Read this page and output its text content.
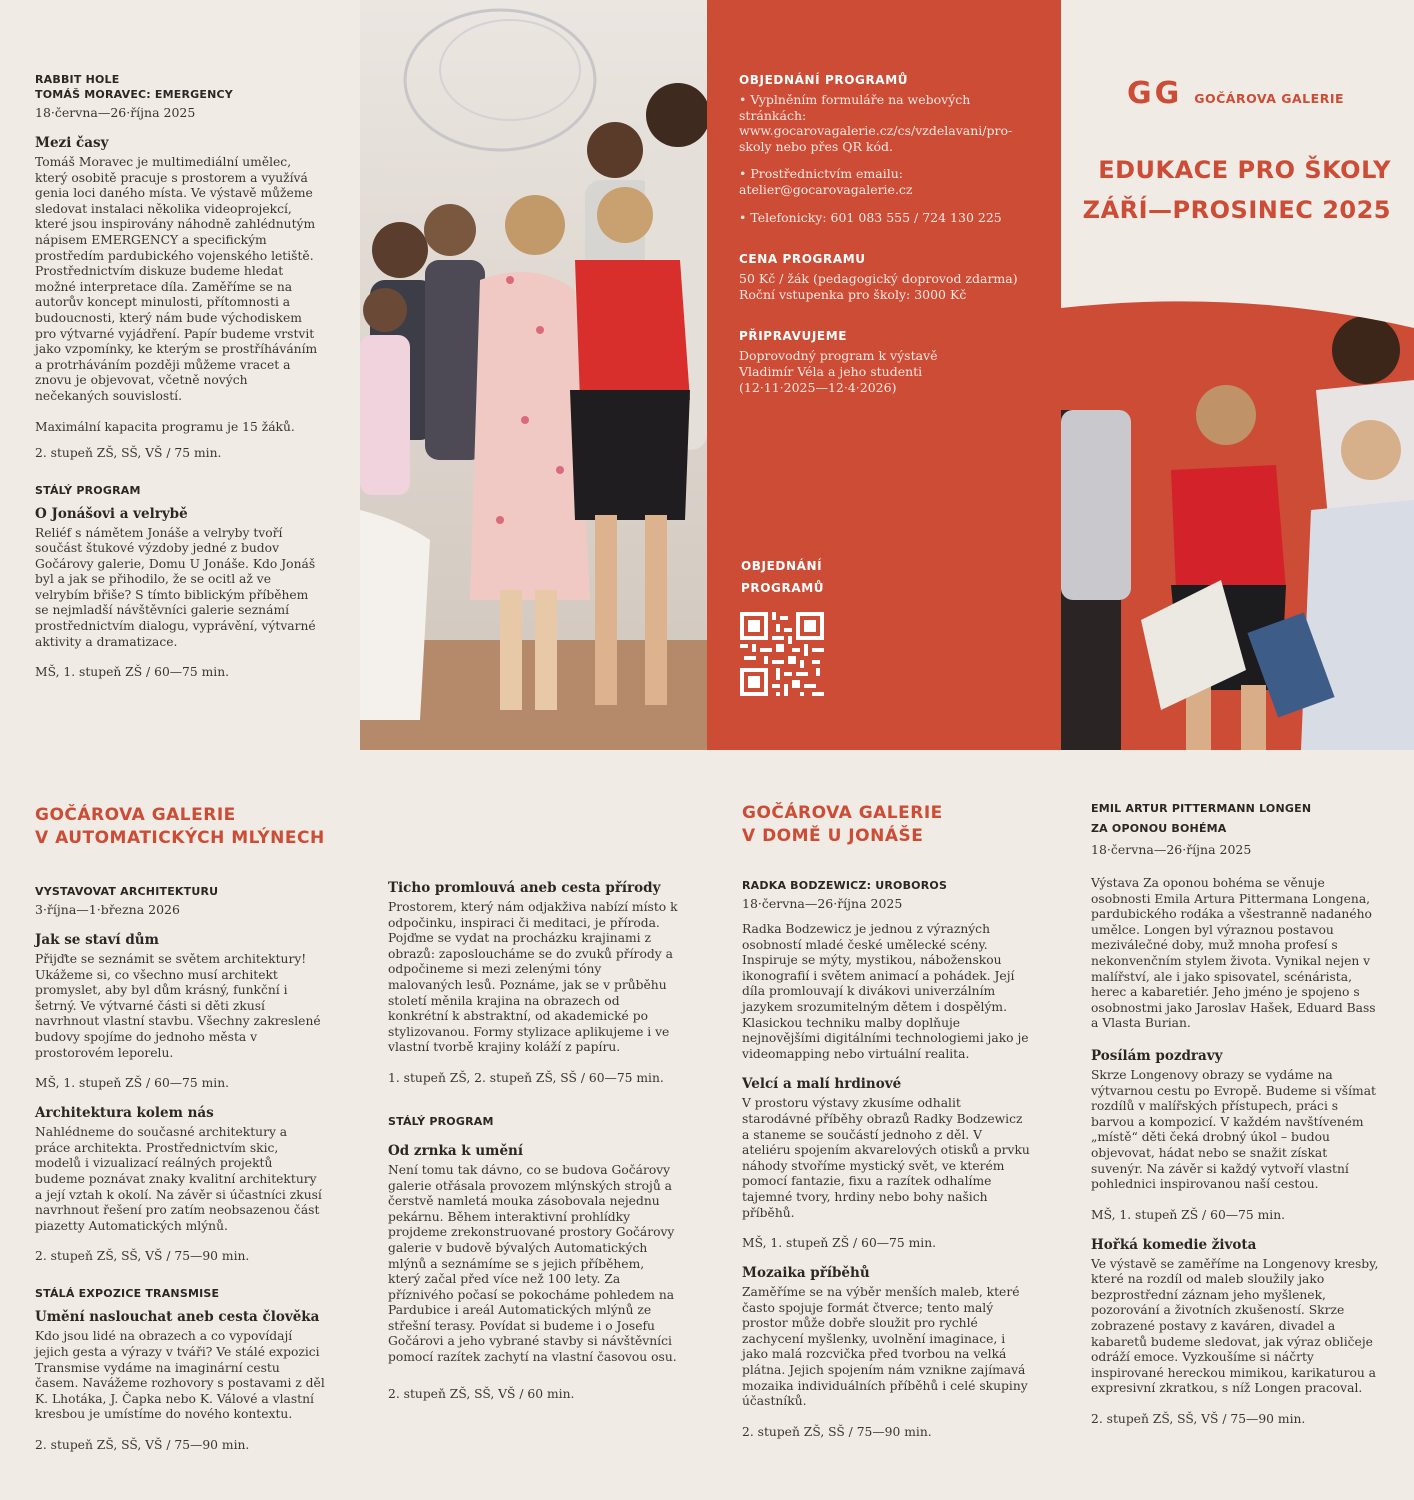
RABBIT HOLE
TOMÁŠ MORAVEC: EMERGENCY
18·června—26·října 2025
Mezi časy
Tomáš Moravec je multimediální umělec, který osobitě pracuje s prostorem a využívá genia loci daného místa. Ve výstavě můžeme sledovat instalaci několika videoprojekcí, které jsou inspirovány náhodně zahlédnutým nápisem EMERGENCY a specifickým prostředím pardubického vojenského letiště. Prostřednictvím diskuze budeme hledat možné interpretace díla. Zaměříme se na autorův koncept minulosti, přítomnosti a budoucnosti, který nám bude východiskem pro výtvarné vyjádření. Papír budeme vrstvit jako vzpomínky, ke kterým se prostříháváním a protrháváním později můžeme vracet a znovu je objevovat, včetně nových nečekaných souvislostí.
Maximální kapacita programu je 15 žáků.
2. stupeň ZŠ, SŠ, VŠ / 75 min.
STÁLÝ PROGRAM
O Jonášovi a velrybě
Reliéf s námětem Jonáše a velryby tvoří součást štukové výzdoby jedné z budov Gočárovy galerie, Domu U Jonáše. Kdo Jonáš byl a jak se přihodilo, že se ocitl až ve velrybím břiše? S tímto biblickým příběhem se nejmladší návštěvníci galerie seznámí prostřednictvím dialogu, vyprávění, výtvarné aktivity a dramatizace.
MŠ, 1. stupeň ZŠ / 60—75 min.
OBJEDNÁNÍ PROGRAMŮ
• Vyplněním formuláře na webových stránkách: www.gocarovagalerie.cz/cs/vzdelavani/pro-skoly nebo přes QR kód.
• Prostřednictvím emailu: atelier@gocarovagalerie.cz
• Telefonicky: 601 083 555 / 724 130 225
CENA PROGRAMU
50 Kč / žák (pedagogický doprovod zdarma)
Roční vstupenka pro školy: 3000 Kč
PŘIPRAVUJEME
Doprovodný program k výstavě Vladimír Véla a jeho studenti (12·11·2025—12·4·2026)
OBJEDNÁNÍ
PROGRAMŮ
GG GOČÁROVA GALERIE
EDUKACE PRO ŠKOLY
ZÁŘÍ—PROSINEC 2025
GOČÁROVA GALERIE
V AUTOMATICKÝCH MLÝNECH
VYSTAVOVAT ARCHITEKTURU
3·října—1·března 2026
Jak se staví dům
Přijďte se seznámit se světem architektury! Ukážeme si, co všechno musí architekt promyslet, aby byl dům krásný, funkční i šetrný. Ve výtvarné části si děti zkusí navrhnout vlastní stavbu. Všechny zakreslené budovy spojíme do jednoho města v prostorovém leporelu.
MŠ, 1. stupeň ZŠ / 60—75 min.
Architektura kolem nás
Nahlédneme do současné architektury a práce architekta. Prostřednictvím skic, modelů i vizualizací reálných projektů budeme poznávat znaky kvalitní architektury a její vztah k okolí. Na závěr si účastníci zkusí navrhnout řešení pro zatím neobsazenou část piazetty Automatických mlýnů.
2. stupeň ZŠ, SŠ, VŠ / 75—90 min.
STÁLÁ EXPOZICE TRANSMISE
Umění naslouchat aneb cesta člověka
Kdo jsou lidé na obrazech a co vypovídají jejich gesta a výrazy v tváři? Ve stálé expozici Transmise vydáme na imaginární cestu časem. Navážeme rozhovory s postavami z děl K. Lhotáka, J. Čapka nebo K. Válové a vlastní kresbou je umístíme do nového kontextu.
2. stupeň ZŠ, SŠ, VŠ / 75—90 min.
Ticho promlouvá aneb cesta přírody
Prostorem, který nám odjakživa nabízí místo k odpočinku, inspiraci či meditaci, je příroda. Pojďme se vydat na procházku krajinami z obrazů: zaposloucháme se do zvuků přírody a odpočineme si mezi zelenými tóny malovaných lesů. Poznáme, jak se v průběhu století měnila krajina na obrazech od konkrétní k abstraktní, od akademické po stylizovanou. Formy stylizace aplikujeme i ve vlastní tvorbě krajiny koláží z papíru.
1. stupeň ZŠ, 2. stupeň ZŠ, SŠ / 60—75 min.
STÁLÝ PROGRAM
Od zrnka k umění
Není tomu tak dávno, co se budova Gočárovy galerie otřásala provozem mlýnských strojů a čerstvě namletá mouka zásobovala nejednu pekárnu. Během interaktivní prohlídky projdeme zrekonstruované prostory Gočárovy galerie v budově bývalých Automatických mlýnů a seznámíme se s jejich příběhem, který začal před více než 100 lety. Za příznivého počasí se pokocháme pohledem na Pardubice i areál Automatických mlýnů ze střešní terasy. Povídat si budeme i o Josefu Gočárovi a jeho vybrané stavby si návštěvníci pomocí razítek zachytí na vlastní časovou osu.
2. stupeň ZŠ, SŠ, VŠ / 60 min.
GOČÁROVA GALERIE
V DOMĚ U JONÁŠE
RADKA BODZEWICZ: UROBOROS
18·června—26·října 2025
Radka Bodzewicz je jednou z výrazných osobností mladé české umělecké scény. Inspiruje se mýty, mystikou, náboženskou ikonografií i světem animací a pohádek. Její díla promlouvají k divákovi univerzálním jazykem srozumitelným dětem i dospělým. Klasickou techniku malby doplňuje nejnovějšími digitálními technologiemi jako je videomapping nebo virtuální realita.
Velcí a malí hrdinové
V prostoru výstavy zkusíme odhalit starodávné příběhy obrazů Radky Bodzewicz a staneme se součástí jednoho z děl. V ateliéru spojením akvarelových otisků a prvku náhody stvoříme mystický svět, ve kterém pomocí fantazie, fixu a razítek odhalíme tajemné tvory, hrdiny nebo bohy našich příběhů.
MŠ, 1. stupeň ZŠ / 60—75 min.
Mozaika příběhů
Zaměříme se na výběr menších maleb, které často spojuje formát čtverce; tento malý prostor může dobře sloužit pro rychlé zachycení myšlenky, uvolnění imaginace, i jako malá rozcvička před tvorbou na velká plátna. Jejich spojením nám vznikne zajímavá mozaika individuálních příběhů i celé skupiny účastníků.
2. stupeň ZŠ, SŠ / 75—90 min.
EMIL ARTUR PITTERMANN LONGEN
ZA OPONOU BOHÉMA
18·června—26·října 2025
Výstava Za oponou bohéma se věnuje osobnosti Emila Artura Pittermana Longena, pardubického rodáka a všestranně nadaného umělce. Longen byl výraznou postavou meziválečné doby, muž mnoha profesí s nekonvenčním stylem života. Vynikal nejen v malířství, ale i jako spisovatel, scénárista, herec a kabaretiér. Jeho jméno je spojeno s osobnostmi jako Jaroslav Hašek, Eduard Bass a Vlasta Burian.
Posílám pozdravy
Skrze Longenovy obrazy se vydáme na výtvarnou cestu po Evropě. Budeme si všímat rozdílů v malířských přístupech, práci s barvou a kompozicí. V každém navštíveném „místě“ děti čeká drobný úkol – budou objevovat, hádat nebo se snažit získat suvenýr. Na závěr si každý vytvoří vlastní pohlednici inspirovanou naší cestou.
MŠ, 1. stupeň ZŠ / 60—75 min.
Hořká komedie života
Ve výstavě se zaměříme na Longenovy kresby, které na rozdíl od maleb sloužily jako bezprostřední záznam jeho myšlenek, pozorování a životních zkušeností. Skrze zobrazené postavy z kaváren, divadel a kabaretů budeme sledovat, jak výraz obličeje odráží emoce. Vyzkoušíme si náčrty inspirované hereckou mimikou, karikaturou a expresivní zkratkou, s níž Longen pracoval.
2. stupeň ZŠ, SŠ, VŠ / 75—90 min.
